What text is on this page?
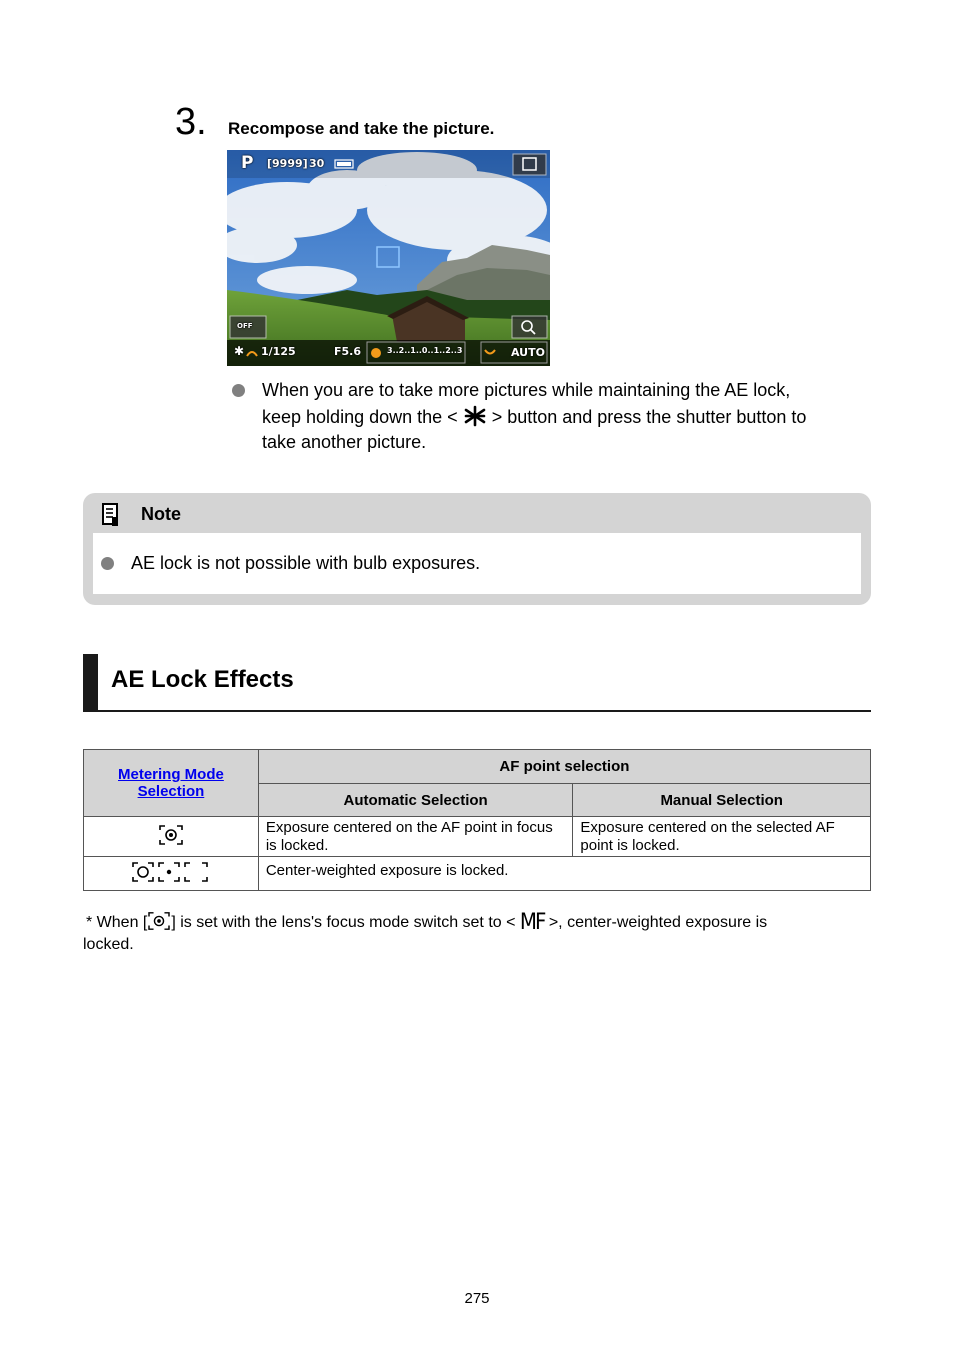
3. Recompose and take the picture.
P [9999] 30
OFF
✱ 1/125	F5.6	3..2..1..0..1..2..3	AUTO
When you are to take more pictures while maintaining the AE lock,
keep holding down the < > button and press the shutter button to
take another picture.
Note
AE lock is not possible with bulb exposures.
AE Lock Effects
Metering Mode
Selection	AF point selection	
	Automatic Selection	Manual Selection
	Exposure centered on the AF point in focus is locked.	Exposure centered on the selected AF point is locked.
	Center-weighted exposure is locked.	
* When [ ] is set with the lens's focus mode switch set to < MF >, center-weighted exposure is
locked.
275
